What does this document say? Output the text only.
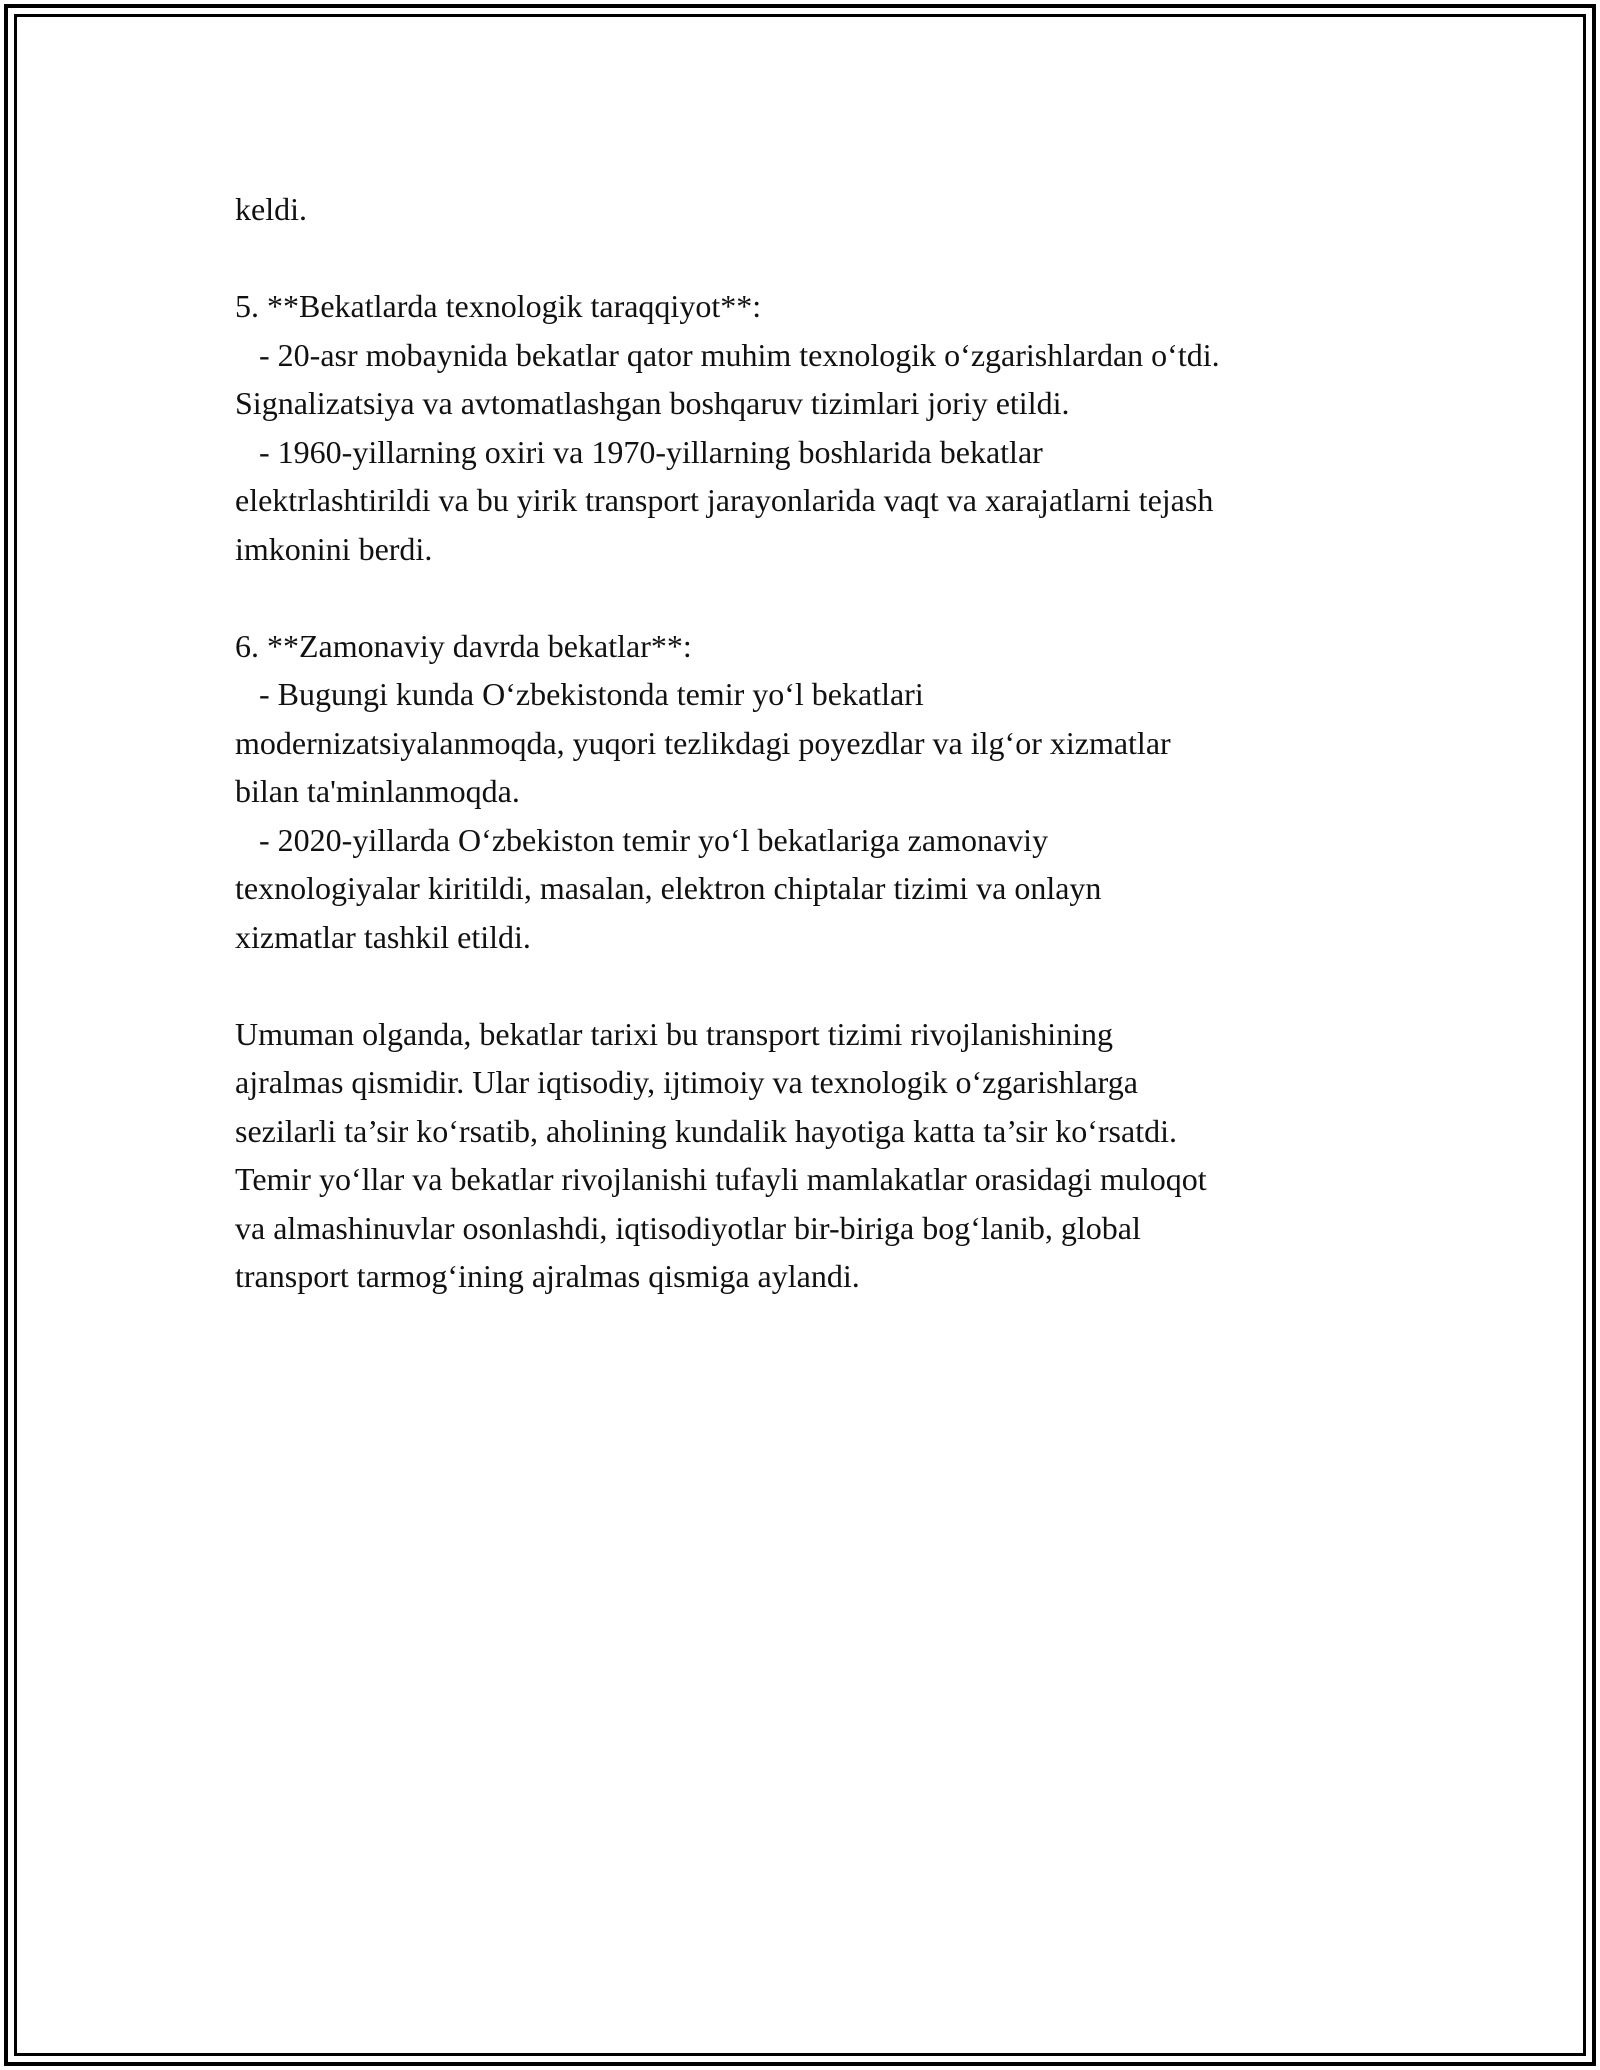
keldi.
5. **Bekatlarda texnologik taraqqiyot**:
- 20-asr mobaynida bekatlar qator muhim texnologik o‘zgarishlardan o‘tdi.
Signalizatsiya va avtomatlashgan boshqaruv tizimlari joriy etildi.
- 1960-yillarning oxiri va 1970-yillarning boshlarida bekatlar
elektrlashtirildi va bu yirik transport jarayonlarida vaqt va xarajatlarni tejash
imkonini berdi.
6. **Zamonaviy davrda bekatlar**:
- Bugungi kunda O‘zbekistonda temir yo‘l bekatlari
modernizatsiyalanmoqda, yuqori tezlikdagi poyezdlar va ilg‘or xizmatlar
bilan ta'minlanmoqda.
- 2020-yillarda O‘zbekiston temir yo‘l bekatlariga zamonaviy
texnologiyalar kiritildi, masalan, elektron chiptalar tizimi va onlayn
xizmatlar tashkil etildi.
Umuman olganda, bekatlar tarixi bu transport tizimi rivojlanishining
ajralmas qismidir. Ular iqtisodiy, ijtimoiy va texnologik o‘zgarishlarga
sezilarli ta’sir ko‘rsatib, aholining kundalik hayotiga katta ta’sir ko‘rsatdi.
Temir yo‘llar va bekatlar rivojlanishi tufayli mamlakatlar orasidagi muloqot
va almashinuvlar osonlashdi, iqtisodiyotlar bir-biriga bog‘lanib, global
transport tarmog‘ining ajralmas qismiga aylandi.
